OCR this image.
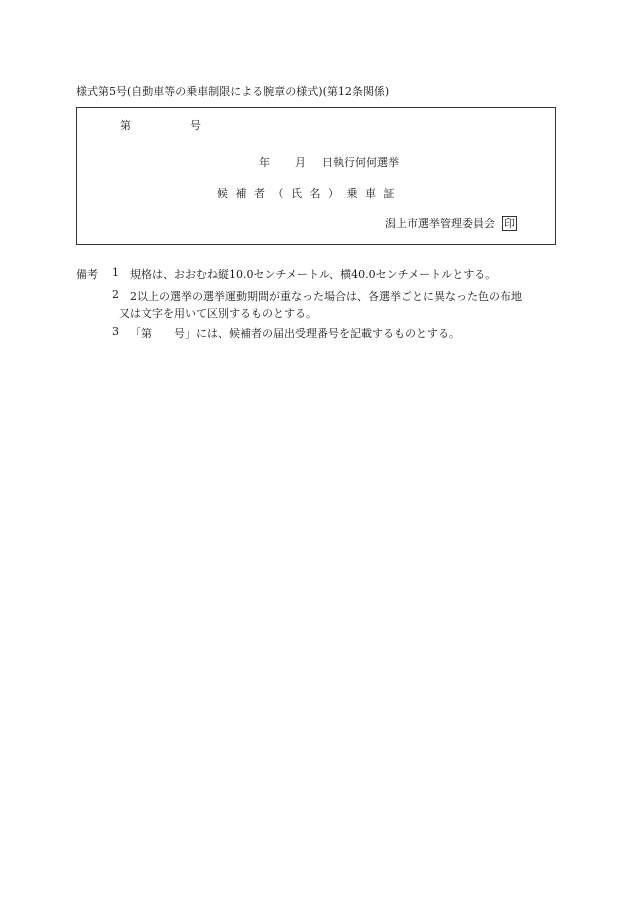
様式第5号(自動車等の乗車制限による腕章の様式)(第12条関係)
第	号
年 月 日執行何何選挙
候 補 者 （ 氏 名 ） 乗 車 証
潟上市選挙管理委員会 印
備考 1 規格は、おおむね縦10.0センチメートル、横40.0センチメートルとする。
2 2以上の選挙の選挙運動期間が重なった場合は、各選挙ごとに異なった色の布地
又は文字を用いて区別するものとする。
3 「第　　号」には、候補者の届出受理番号を記載するものとする。
